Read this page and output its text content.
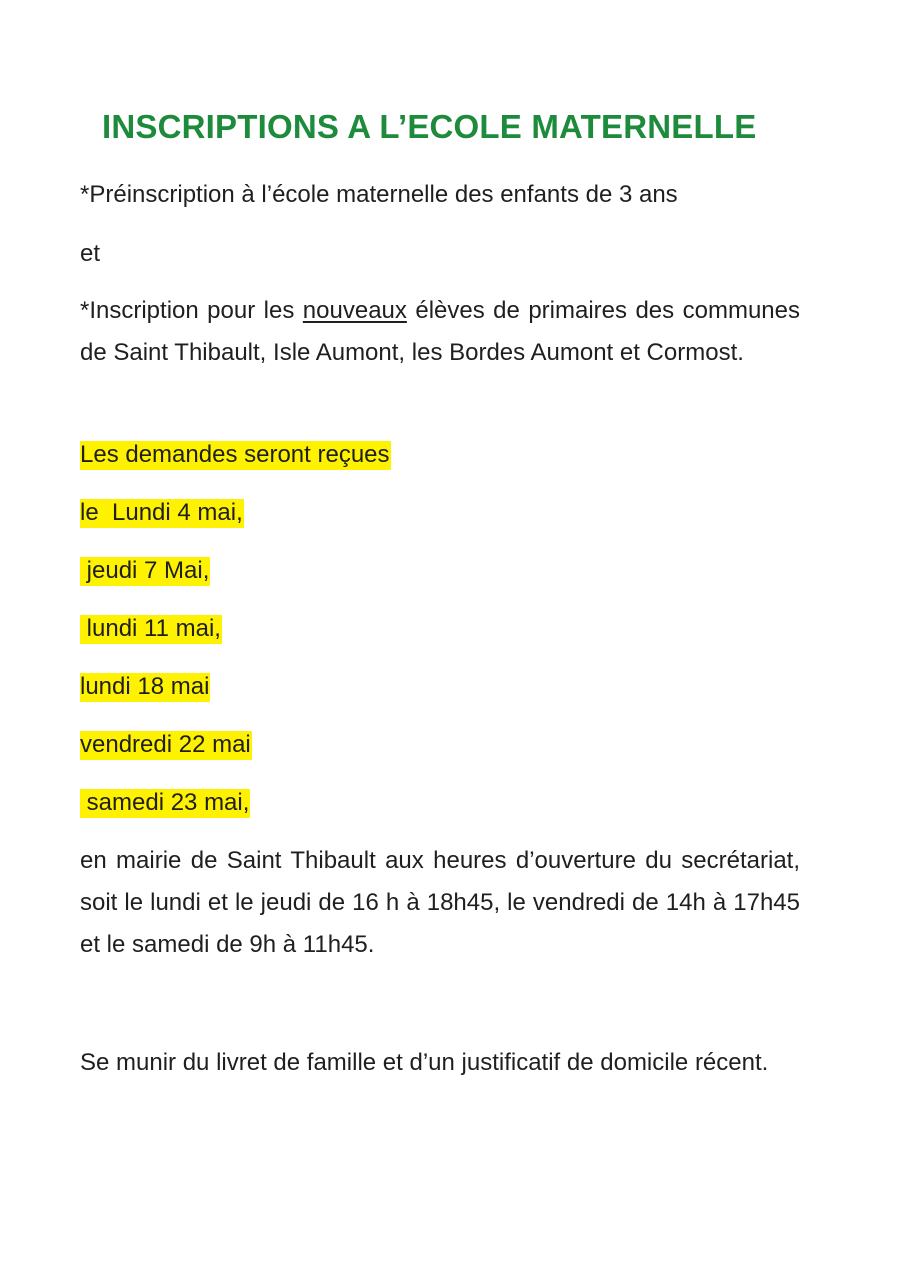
INSCRIPTIONS A L’ECOLE MATERNELLE
*Préinscription à l’école maternelle des enfants de 3 ans
et
*Inscription pour les nouveaux élèves de primaires des communes de Saint Thibault, Isle Aumont, les Bordes Aumont et Cormost.
Les demandes seront reçues
le  Lundi 4 mai,
jeudi 7 Mai,
lundi 11 mai,
lundi 18 mai
vendredi 22 mai
samedi 23 mai,
en mairie de Saint Thibault aux heures d’ouverture du secrétariat, soit le lundi et le jeudi de 16 h à 18h45, le vendredi de 14h à 17h45 et le samedi de 9h à 11h45.
Se munir du livret de famille et d’un justificatif de domicile récent.
